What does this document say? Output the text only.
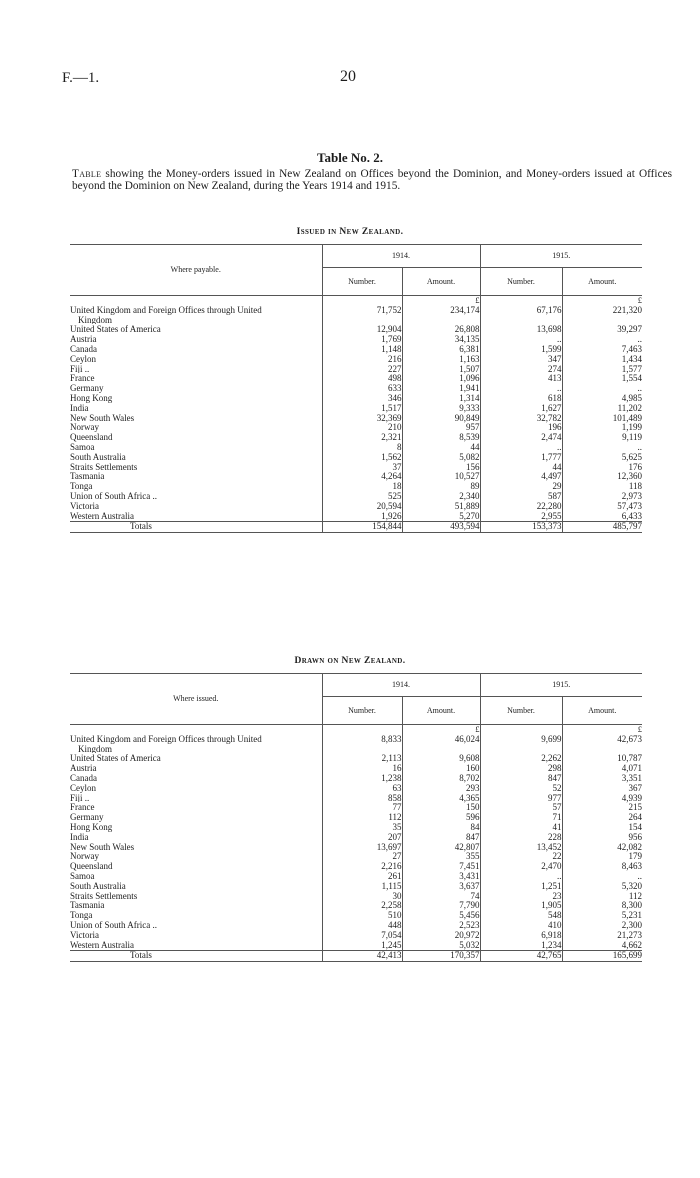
F.—1.	20
Table No. 2.
Table showing the Money-orders issued in New Zealand on Offices beyond the Dominion, and Money-orders issued at Offices beyond the Dominion on New Zealand, during the Years 1914 and 1915.
Issued in New Zealand.
Where payable.	1914.		1915.	
	Number.	Amount.	Number.	Amount.
		£		£
United Kingdom and Foreign Offices through United
Kingdom	71,752	234,174	67,176	221,320
United States of America	12,904	26,808	13,698	39,297
Austria	1,769	34,135	..	..
Canada	1,148	6,381	1,599	7,463
Ceylon	216	1,163	347	1,434
Fiji ..	227	1,507	274	1,577
France	498	1,096	413	1,554
Germany	633	1,941	..	..
Hong Kong	346	1,314	618	4,985
India	1,517	9,333	1,627	11,202
New South Wales	32,369	90,849	32,782	101,489
Norway	210	957	196	1,199
Queensland	2,321	8,539	2,474	9,119
Samoa	8	44	..	..
South Australia	1,562	5,082	1,777	5,625
Straits Settlements	37	156	44	176
Tasmania	4,264	10,527	4,497	12,360
Tonga	18	89	29	118
Union of South Africa ..	525	2,340	587	2,973
Victoria	20,594	51,889	22,280	57,473
Western Australia	1,926	5,270	2,955	6,433
Totals	154,844	493,594	153,373	485,797
Drawn on New Zealand.
Where issued.	1914.		1915.	
	Number.	Amount.	Number.	Amount.
		£		£
United Kingdom and Foreign Offices through United
Kingdom	8,833	46,024	9,699	42,673
United States of America	2,113	9,608	2,262	10,787
Austria	16	160	298	4,071
Canada	1,238	8,702	847	3,351
Ceylon	63	293	52	367
Fiji ..	858	4,365	977	4,939
France	77	150	57	215
Germany	112	596	71	264
Hong Kong	35	84	41	154
India	207	847	228	956
New South Wales	13,697	42,807	13,452	42,082
Norway	27	355	22	179
Queensland	2,216	7,451	2,470	8,463
Samoa	261	3,431	..	..
South Australia	1,115	3,637	1,251	5,320
Straits Settlements	30	74	23	112
Tasmania	2,258	7,790	1,905	8,300
Tonga	510	5,456	548	5,231
Union of South Africa ..	448	2,523	410	2,300
Victoria	7,054	20,972	6,918	21,273
Western Australia	1,245	5,032	1,234	4,662
Totals	42,413	170,357	42,765	165,699
